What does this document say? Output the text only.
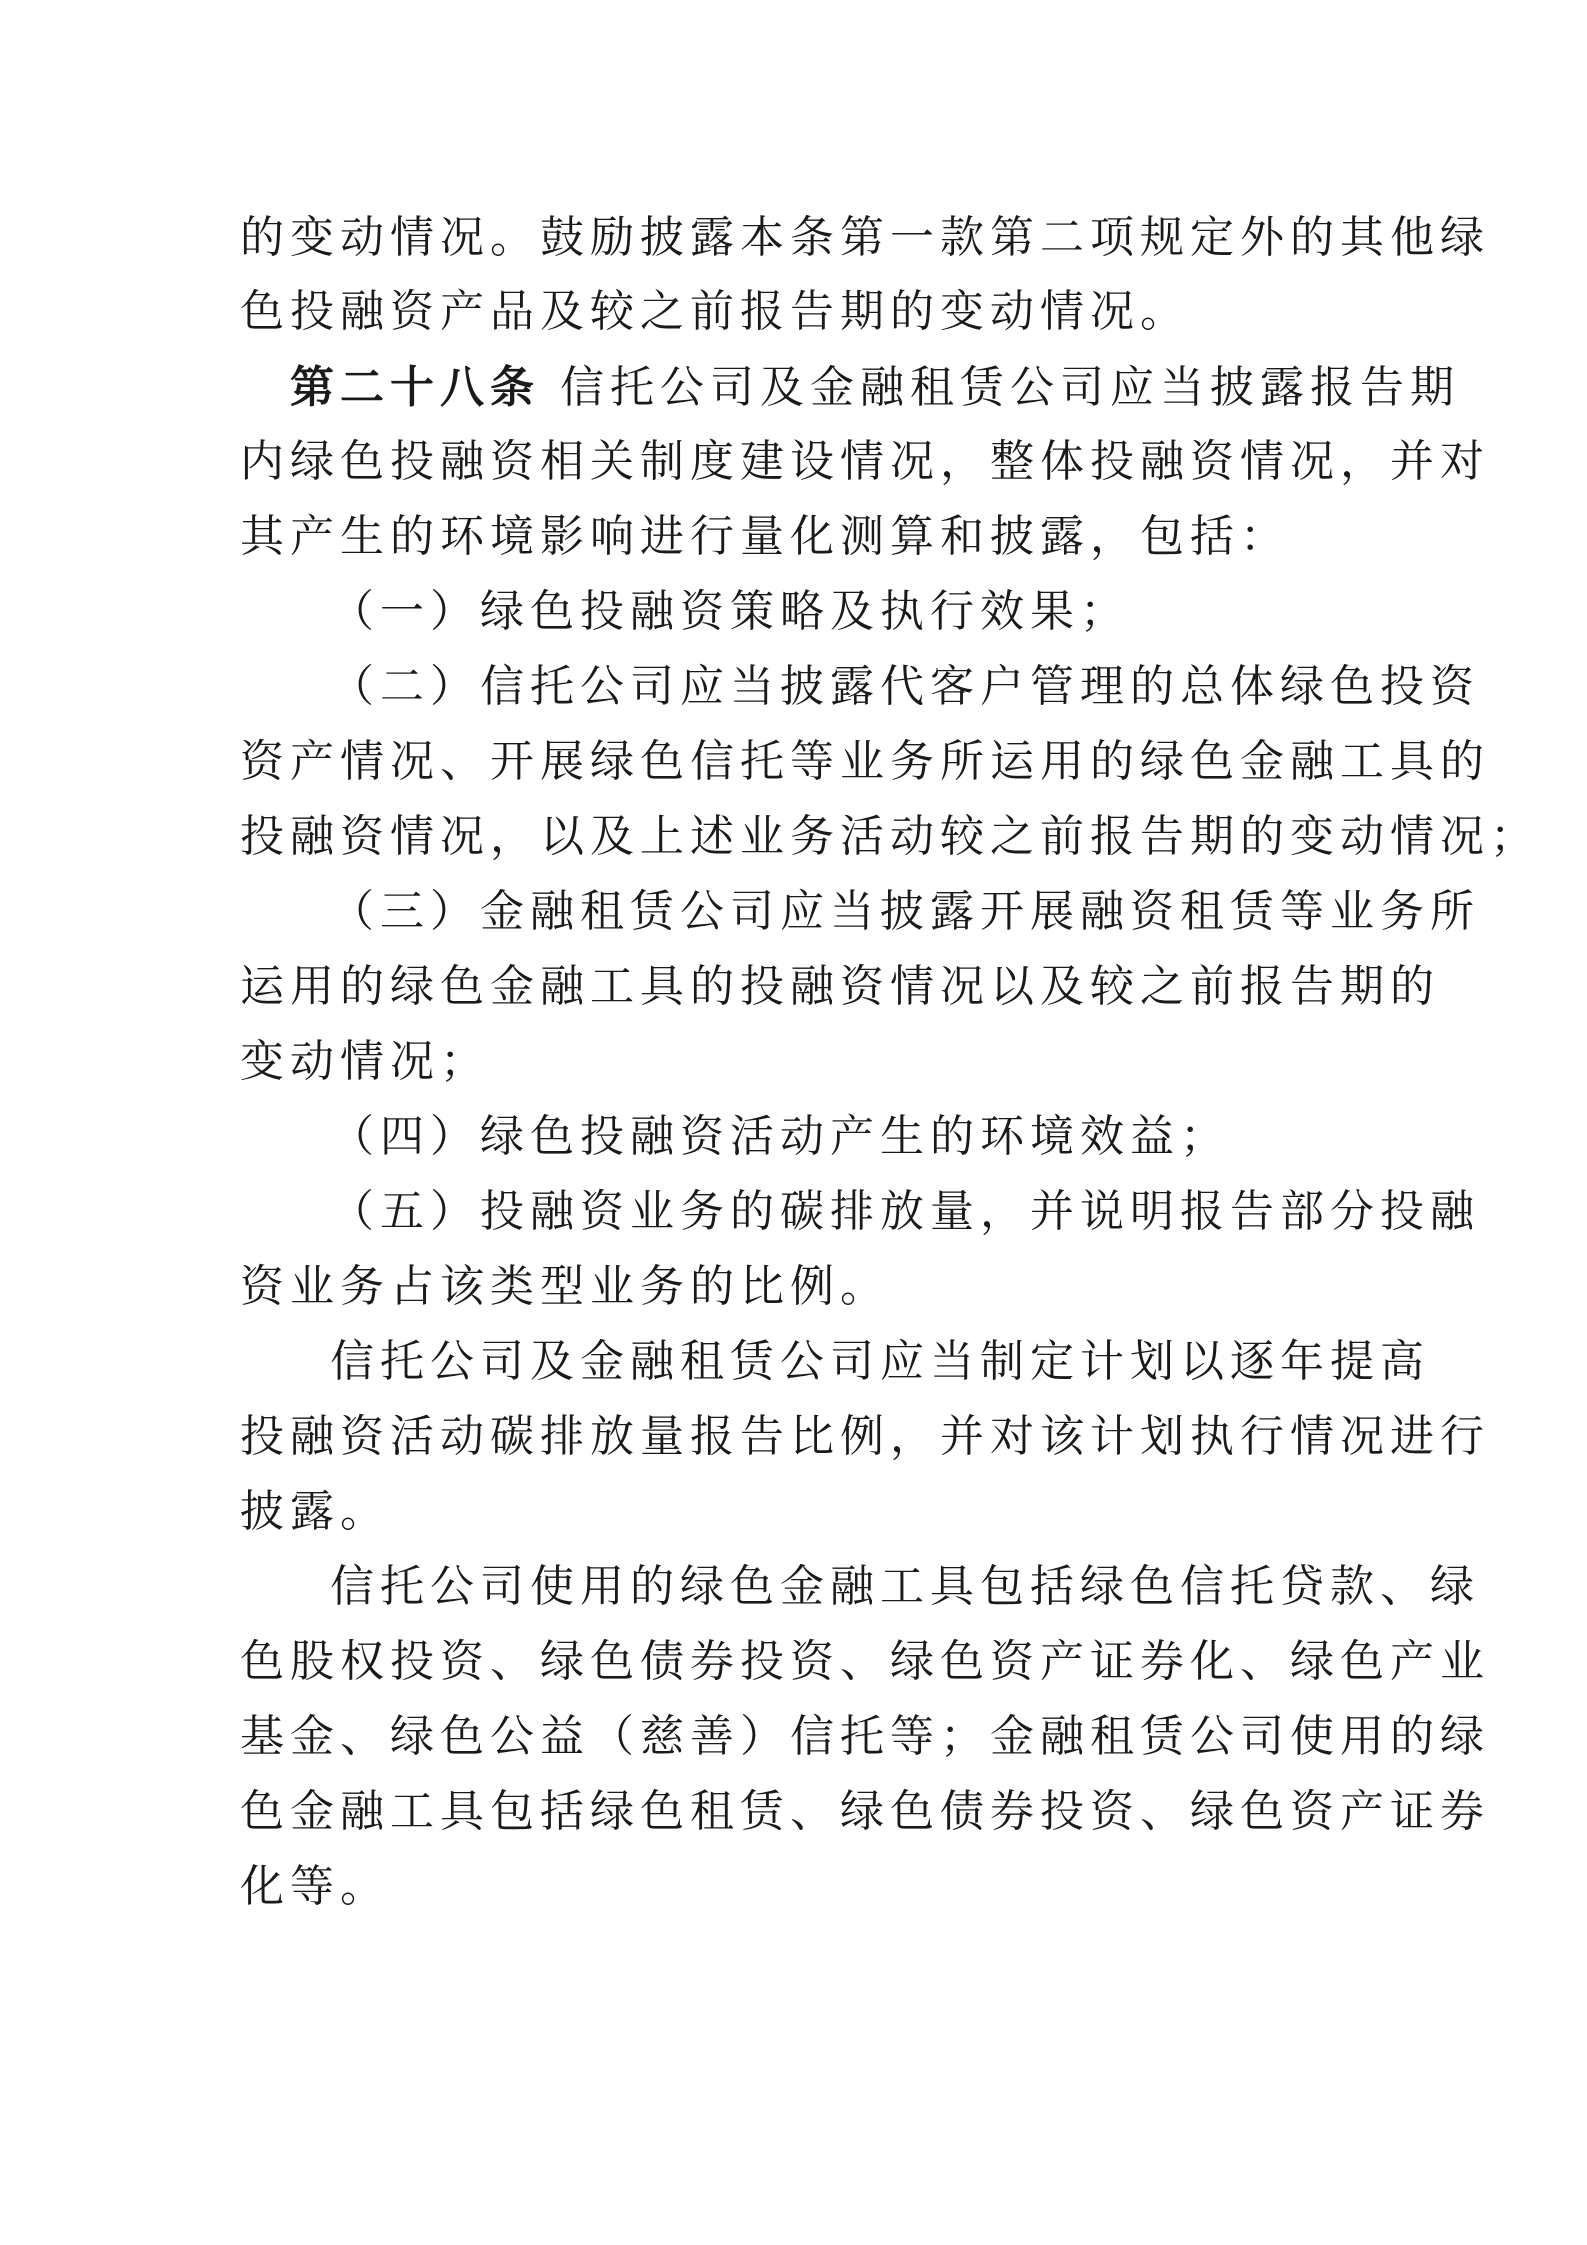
的变动情况。鼓励披露本条第一款第二项规定外的其他绿
色投融资产品及较之前报告期的变动情况。
第二十八条 信托公司及金融租赁公司应当披露报告期
内绿色投融资相关制度建设情况，整体投融资情况，并对
其产生的环境影响进行量化测算和披露，包括：
（一）绿色投融资策略及执行效果；
（二）信托公司应当披露代客户管理的总体绿色投资
资产情况、开展绿色信托等业务所运用的绿色金融工具的
投融资情况，以及上述业务活动较之前报告期的变动情况；
（三）金融租赁公司应当披露开展融资租赁等业务所
运用的绿色金融工具的投融资情况以及较之前报告期的
变动情况；
（四）绿色投融资活动产生的环境效益；
（五）投融资业务的碳排放量，并说明报告部分投融
资业务占该类型业务的比例。
信托公司及金融租赁公司应当制定计划以逐年提高
投融资活动碳排放量报告比例，并对该计划执行情况进行
披露。
信托公司使用的绿色金融工具包括绿色信托贷款、绿
色股权投资、绿色债券投资、绿色资产证券化、绿色产业
基金、绿色公益（慈善）信托等；金融租赁公司使用的绿
色金融工具包括绿色租赁、绿色债券投资、绿色资产证券
化等。
